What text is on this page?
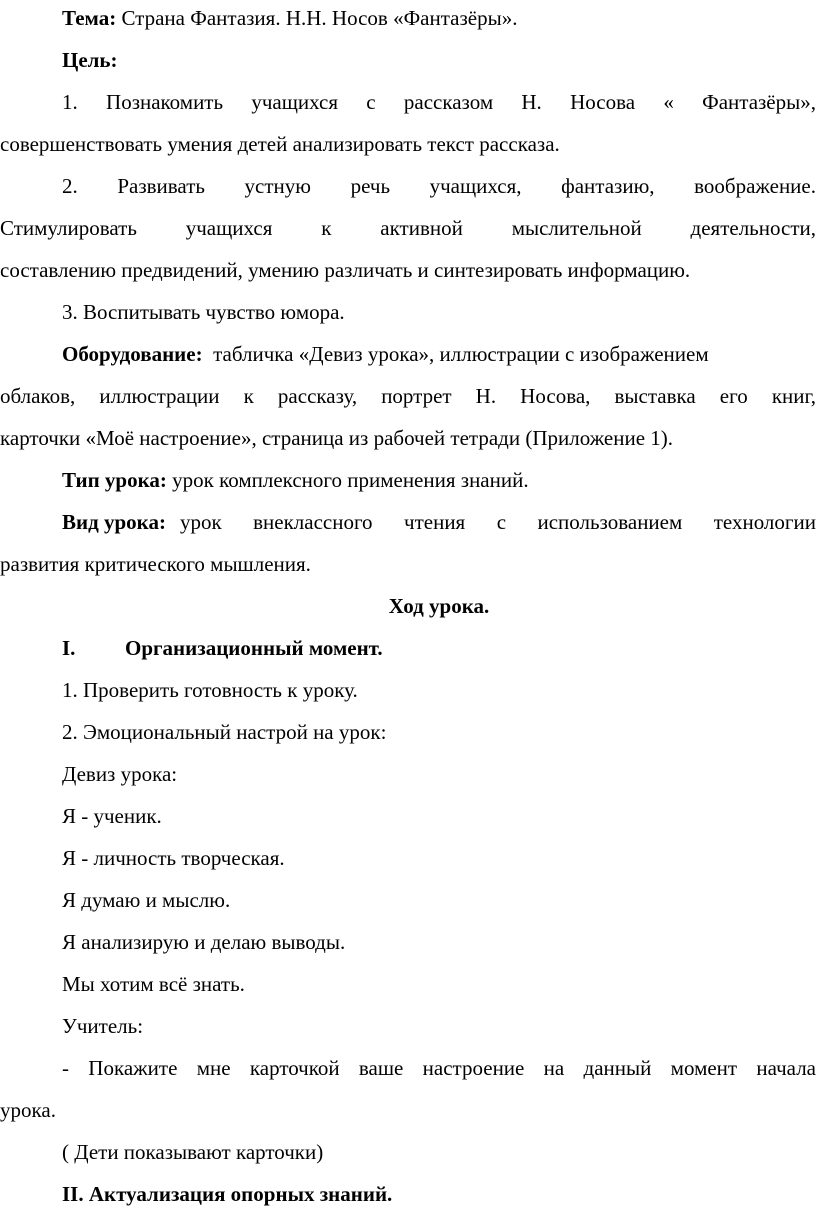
Тема: Страна Фантазия. Н.Н. Носов «Фантазёры».
Цель:
1. Познакомить учащихся с рассказом Н. Носова « Фантазёры»,
совершенствовать умения детей анализировать текст рассказа.
2. Развивать устную речь учащихся, фантазию, воображение.
Стимулировать учащихся к активной мыслительной деятельности,
составлению предвидений, умению различать и синтезировать информацию.
3. Воспитывать чувство юмора.
Оборудование:  табличка «Девиз урока», иллюстрации с изображением
облаков, иллюстрации к рассказу, портрет Н. Носова, выставка его книг,
карточки «Моё настроение», страница из рабочей тетради (Приложение 1).
Тип урока: урок комплексного применения знаний.
Вид урока: урок внеклассного чтения с использованием технологии
развития критического мышления.
Ход урока.
I. Организационный момент.
1. Проверить готовность к уроку.
2. Эмоциональный настрой на урок:
Девиз урока:
Я - ученик.
Я - личность творческая.
Я думаю и мыслю.
Я анализирую и делаю выводы.
Мы хотим всё знать.
Учитель:
- Покажите мне карточкой ваше настроение на данный момент начала
урока.
( Дети показывают карточки)
II. Актуализация опорных знаний.
